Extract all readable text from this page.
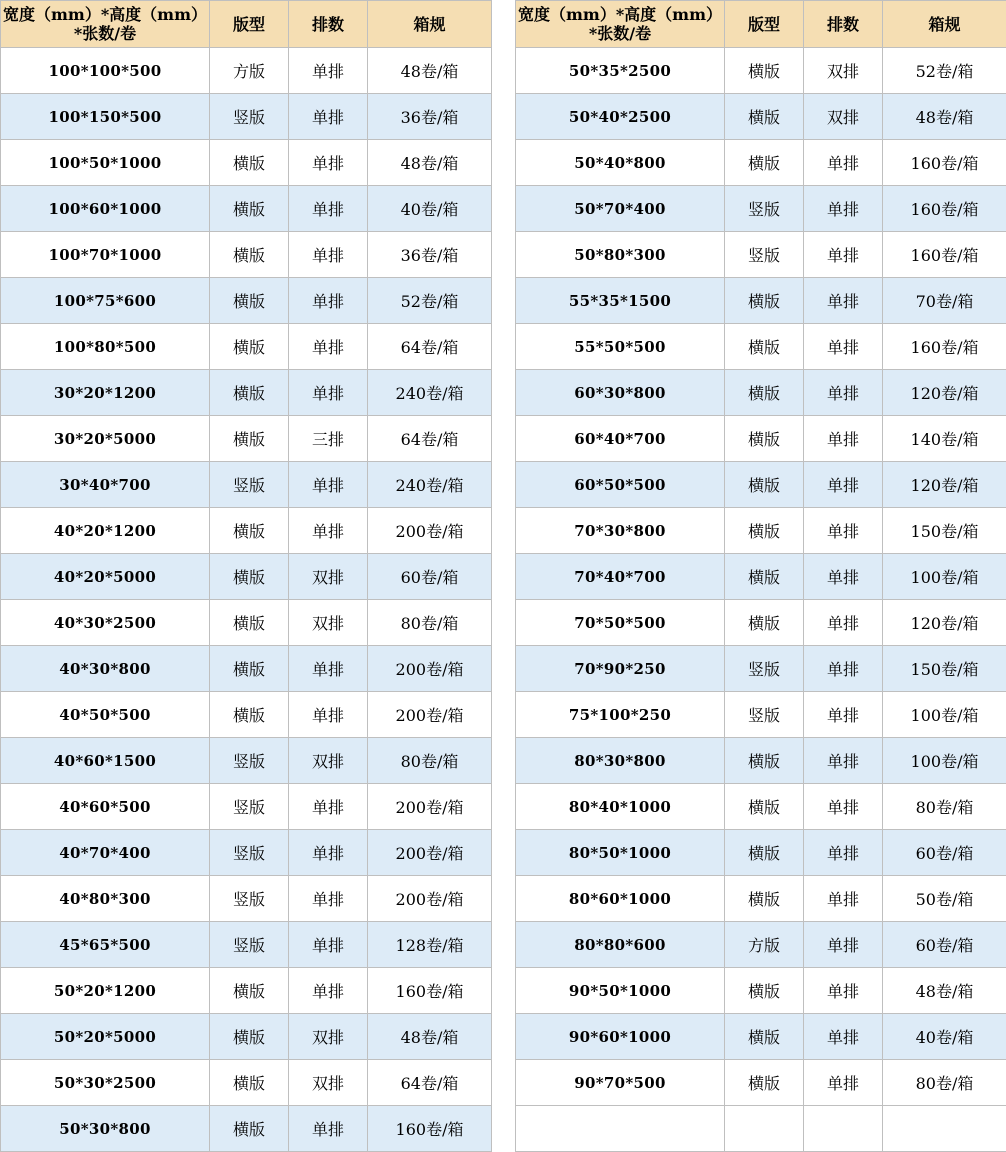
宽度（mm）*高度（mm）
*张数/卷	版型	排数	箱规
100*100*500	方版	单排	48卷/箱
100*150*500	竖版	单排	36卷/箱
100*50*1000	横版	单排	48卷/箱
100*60*1000	横版	单排	40卷/箱
100*70*1000	横版	单排	36卷/箱
100*75*600	横版	单排	52卷/箱
100*80*500	横版	单排	64卷/箱
30*20*1200	横版	单排	240卷/箱
30*20*5000	横版	三排	64卷/箱
30*40*700	竖版	单排	240卷/箱
40*20*1200	横版	单排	200卷/箱
40*20*5000	横版	双排	60卷/箱
40*30*2500	横版	双排	80卷/箱
40*30*800	横版	单排	200卷/箱
40*50*500	横版	单排	200卷/箱
40*60*1500	竖版	双排	80卷/箱
40*60*500	竖版	单排	200卷/箱
40*70*400	竖版	单排	200卷/箱
40*80*300	竖版	单排	200卷/箱
45*65*500	竖版	单排	128卷/箱
50*20*1200	横版	单排	160卷/箱
50*20*5000	横版	双排	48卷/箱
50*30*2500	横版	双排	64卷/箱
50*30*800	横版	单排	160卷/箱
宽度（mm）*高度（mm）
*张数/卷	版型	排数	箱规
50*35*2500	横版	双排	52卷/箱
50*40*2500	横版	双排	48卷/箱
50*40*800	横版	单排	160卷/箱
50*70*400	竖版	单排	160卷/箱
50*80*300	竖版	单排	160卷/箱
55*35*1500	横版	单排	70卷/箱
55*50*500	横版	单排	160卷/箱
60*30*800	横版	单排	120卷/箱
60*40*700	横版	单排	140卷/箱
60*50*500	横版	单排	120卷/箱
70*30*800	横版	单排	150卷/箱
70*40*700	横版	单排	100卷/箱
70*50*500	横版	单排	120卷/箱
70*90*250	竖版	单排	150卷/箱
75*100*250	竖版	单排	100卷/箱
80*30*800	横版	单排	100卷/箱
80*40*1000	横版	单排	80卷/箱
80*50*1000	横版	单排	60卷/箱
80*60*1000	横版	单排	50卷/箱
80*80*600	方版	单排	60卷/箱
90*50*1000	横版	单排	48卷/箱
90*60*1000	横版	单排	40卷/箱
90*70*500	横版	单排	80卷/箱
